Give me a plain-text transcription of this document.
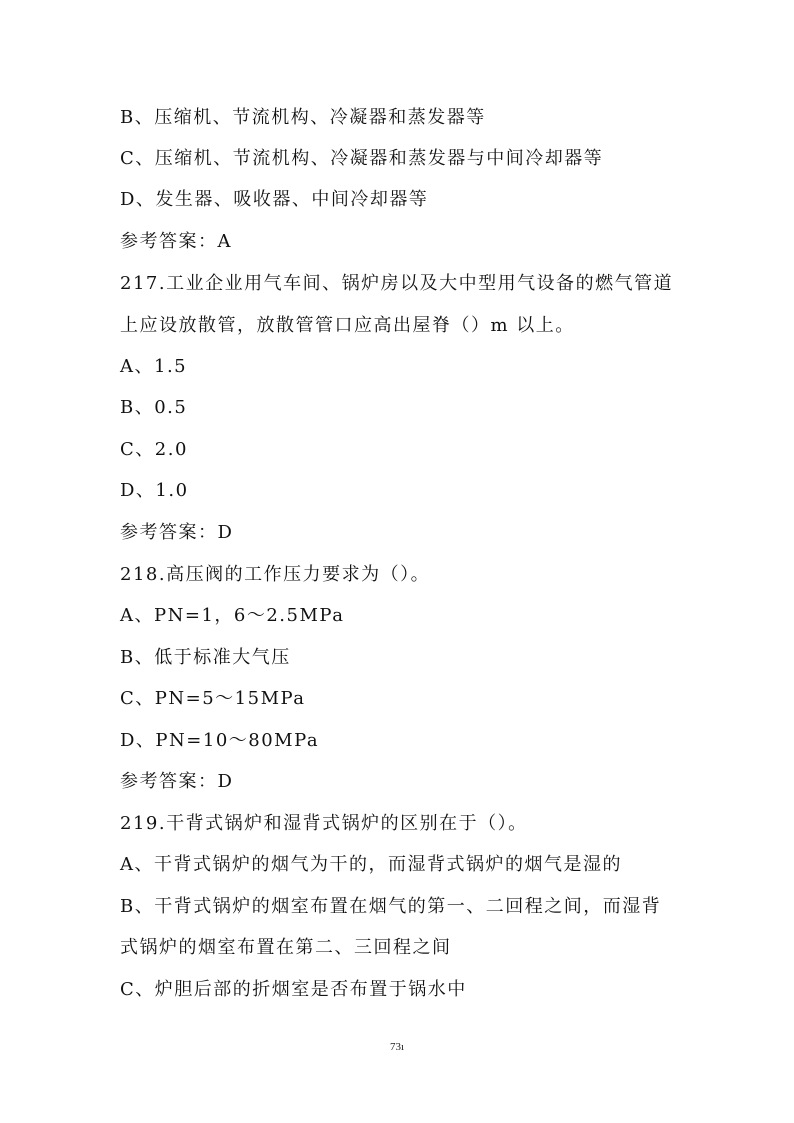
B、压缩机、节流机构、冷凝器和蒸发器等
C、压缩机、节流机构、冷凝器和蒸发器与中间冷却器等
D、发生器、吸收器、中间冷却器等
参考答案：A
217.工业企业用气车间、锅炉房以及大中型用气设备的燃气管道
上应设放散管，放散管管口应高出屋脊（）m 以上。
A、1.5
B、0.5
C、2.0
D、1.0
参考答案：D
218.高压阀的工作压力要求为（）。
A、PN=1，6～2.5MPa
B、低于标准大气压
C、PN=5～15MPa
D、PN=10～80MPa
参考答案：D
219.干背式锅炉和湿背式锅炉的区别在于（）。
A、干背式锅炉的烟气为干的，而湿背式锅炉的烟气是湿的
B、干背式锅炉的烟室布置在烟气的第一、二回程之间，而湿背
式锅炉的烟室布置在第二、三回程之间
C、炉胆后部的折烟室是否布置于锅水中
73ı
